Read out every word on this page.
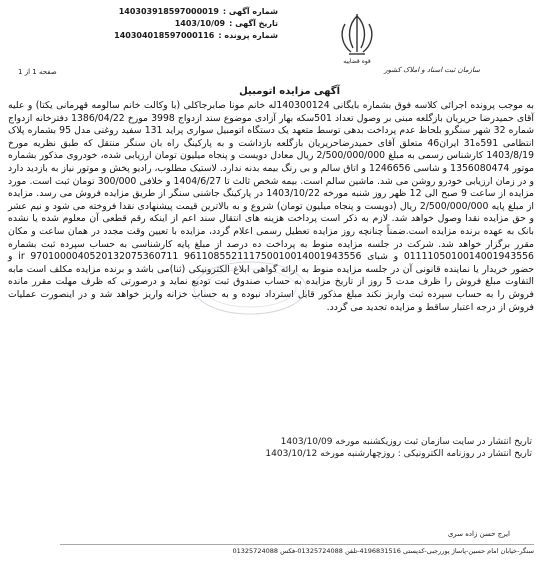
شماره آگهی :
140303918597000019
تاریخ آگهی :
1403/10/09
شماره پرونده :
140304018597000116
صفحه 1 از 1
قوه قضاییه
سازمان ثبت اسناد و املاک کشور
آگهی مزایده اتومبیل

به موجب پرونده اجرائی کلاسه فوق بشماره بایگانی 140300124له خانم مونا صابرجاکلی (با وکالت خانم سالومه قهرمانی یکتا) و علیه آقای حمیدرضا حریریان بازگلعه مبنی بر وصول تعداد 501سکه بهار آزادی موضوع سند ازدواج 3998 مورخ 1386/04/22 دفترخانه ازدواج شماره 32 شهر سنگرو بلحاظ عدم پرداخت بدهی توسط متعهد یک دستگاه اتومبیل سواری پراید 131 سفید روغنی مدل 95 بشماره پلاک انتظامی 591ه31 ایران46 متعلق آقای حمیدرضاحریریان بازگلعه بازداشت و به پارکینگ راه بان سنگر منتقل که طبق نظریه مورخ 1403/8/19 کارشناس رسمی به مبلغ 2/500/000/000 ریال معادل دویست و پنجاه میلیون تومان ارزیابی شده، خودروی مذکور بشماره موتور 1356080474 و شاسی 1246656 و اتاق سالم و بی رنگ بیمه بدنه ندارد. لاستیک مطلوب، رادیو پخش و موتور نیاز به بازدید دارد و در زمان ارزیابی خودرو روشن می شد. ماشین سالم است. بیمه شخص ثالث تا 1404/6/27 و خلافی 300/000 تومان ثبت است. مورد مزایده از ساعت 9 صبح الی 12 ظهر روز شنبه مورخه 1403/10/22 در پارکینگ جاشنی سنگر از طریق مزایده فروش می رسد. مزایده از مبلغ پایه 2/500/000/000 ریال (دویست و پنجاه میلیون تومان) شروع و به بالاترین قیمت پیشنهادی نقدا فروخته می شود و نیم عشر و حق مزایده نقدا وصول خواهد شد. لازم به ذکر است پرداخت هزینه های انتقال سند اعم از اینکه رقم قطعی آن معلوم شده یا نشده بانک به عهده برنده مزایده است.ضمناً چنانچه روز مزایده تعطیل رسمی اعلام گردد، مزایده با تعیین وقت مجدد در همان ساعت و مکان مقرر برگزار خواهد شد. شرکت در جلسه مزایده منوط به پرداخت ده درصد از مبلغ پایه کارشناسی به حساب سپرده ثبت بشماره 0111105010014001943556 و شبای 961108552111750010014001943556 ir 9701000040520132075360711 و حضور خریدار یا نماینده قانونی آن در جلسه مزایده منوط به ارائه گواهی ابلاغ الکترونیکی (ثنا)می باشد و برنده مزایده مکلف است مابه التفاوت مبلغ فروش را ظرف مدت 5 روز از تاریخ مزایده به حساب صندوق ثبت تودیع نماید و درصورتی که ظرف مهلت مقرر مانده فروش را به حساب سپرده ثبت واریز نکند مبلغ مذکور قابل استرداد نبوده و به حساب خزانه واریز خواهد شد و در اینصورت عملیات فروش از درجه اعتبار ساقط و مزایده تجدید می گردد.

تاریخ انتشار در سایت سازمان ثبت روزیکشنبه مورخه 1403/10/09
تاریخ انتشار در روزنامه الکترونیکی : روزچهارشنبه مورخه 1403/10/12
ایرج حسن زاده سری
سنگر-خیابان امام حسین-پاساژ پوررجبی-کدپستی 4196831516-تلفن 01325724088-فکس 01325724088
